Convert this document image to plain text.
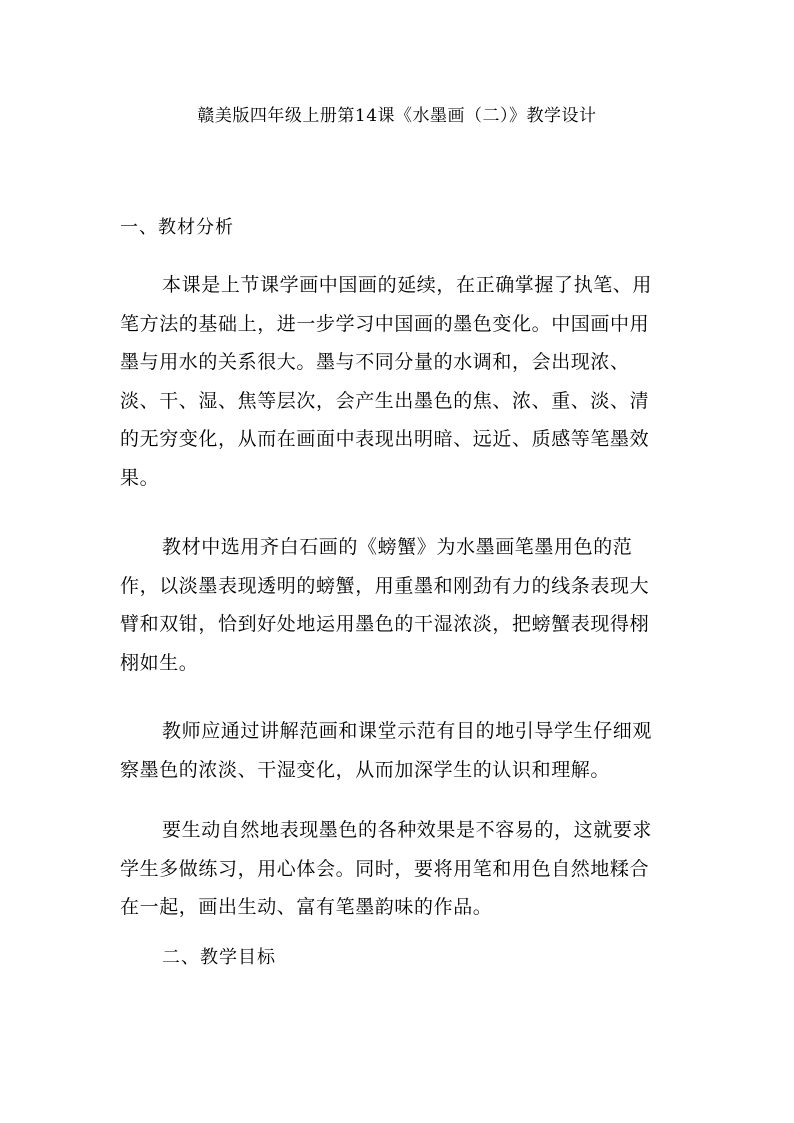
赣美版四年级上册第14课《水墨画（二）》教学设计
一、教材分析
本课是上节课学画中国画的延续，在正确掌握了执笔、用
笔方法的基础上，进一步学习中国画的墨色变化。中国画中用
墨与用水的关系很大。墨与不同分量的水调和，会出现浓、
淡、干、湿、焦等层次，会产生出墨色的焦、浓、重、淡、清
的无穷变化，从而在画面中表现出明暗、远近、质感等笔墨效
果。
教材中选用齐白石画的《螃蟹》为水墨画笔墨用色的范
作，以淡墨表现透明的螃蟹，用重墨和刚劲有力的线条表现大
臂和双钳，恰到好处地运用墨色的干湿浓淡，把螃蟹表现得栩
栩如生。
教师应通过讲解范画和课堂示范有目的地引导学生仔细观
察墨色的浓淡、干湿变化，从而加深学生的认识和理解。
要生动自然地表现墨色的各种效果是不容易的，这就要求
学生多做练习，用心体会。同时，要将用笔和用色自然地糅合
在一起，画出生动、富有笔墨韵味的作品。
二、教学目标
